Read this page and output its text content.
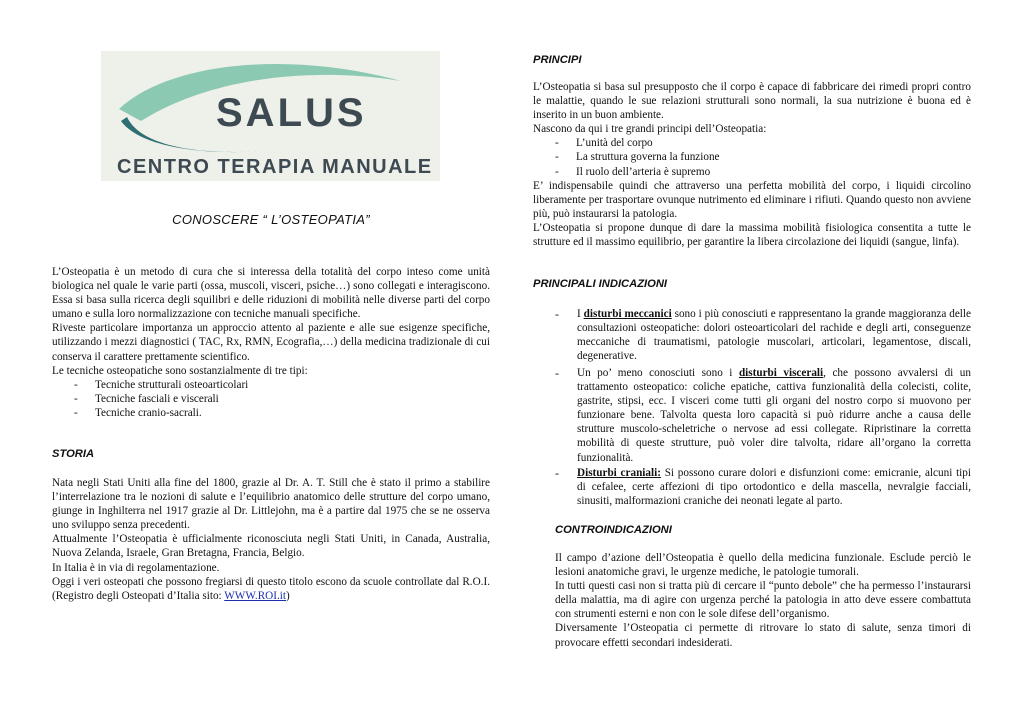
SALUS
CENTRO TERAPIA MANUALE
CONOSCERE “ L’OSTEOPATIA”
L’Osteopatia è un metodo di cura che si interessa della totalità del corpo inteso come unità biologica nel quale le varie parti (ossa, muscoli, visceri, psiche…) sono collegati e interagiscono. Essa si basa sulla ricerca degli squilibri e delle riduzioni di mobilità nelle diverse parti del corpo umano e sulla loro normalizzazione con tecniche manuali specifiche.
Riveste particolare importanza un approccio attento al paziente e alle sue esigenze specifiche, utilizzando i mezzi diagnostici ( TAC, Rx, RMN, Ecografia,…) della medicina tradizionale di cui conserva il carattere prettamente scientifico.
Le tecniche osteopatiche sono sostanzialmente di tre tipi:
- Tecniche strutturali osteoarticolari
- Tecniche fasciali e viscerali
- Tecniche cranio-sacrali.
STORIA
Nata negli Stati Uniti alla fine del 1800, grazie al Dr. A. T. Still che è stato il primo a stabilire l’interrelazione tra le nozioni di salute e l’equilibrio anatomico delle strutture del corpo umano, giunge in Inghilterra nel 1917 grazie al Dr. Littlejohn, ma è a partire dal 1975 che se ne osserva uno sviluppo senza precedenti.
Attualmente l’Osteopatia è ufficialmente riconosciuta negli Stati Uniti, in Canada, Australia, Nuova Zelanda, Israele, Gran Bretagna, Francia, Belgio.
In Italia è in via di regolamentazione.
Oggi i veri osteopati che possono fregiarsi di questo titolo escono da scuole controllate dal R.O.I. (Registro degli Osteopati d’Italia sito: WWW.ROI.it)
PRINCIPI
L’Osteopatia si basa sul presupposto che il corpo è capace di fabbricare dei rimedi propri contro le malattie, quando le sue relazioni strutturali sono normali, la sua nutrizione è buona ed è inserito in un buon ambiente.
Nascono da qui i tre grandi principi dell’Osteopatia:
- L’unità del corpo
- La struttura governa la funzione
- Il ruolo dell’arteria è supremo
E’ indispensabile quindi che attraverso una perfetta mobilità del corpo, i liquidi circolino liberamente per trasportare ovunque nutrimento ed eliminare i rifiuti. Quando questo non avviene più, può instaurarsi la patologia.
L’Osteopatia si propone dunque di dare la massima mobilità fisiologica consentita a tutte le strutture ed il massimo equilibrio, per garantire la libera circolazione dei liquidi (sangue, linfa).
PRINCIPALI INDICAZIONI
- I disturbi meccanici sono i più conosciuti e rappresentano la grande maggioranza delle consultazioni osteopatiche: dolori osteoarticolari del rachide e degli arti, conseguenze meccaniche di traumatismi, patologie muscolari, articolari, legamentose, discali, degenerative.
- Un po’ meno conosciuti sono i disturbi viscerali, che possono avvalersi di un trattamento osteopatico: coliche epatiche, cattiva funzionalità della colecisti, colite, gastrite, stipsi, ecc. I visceri come tutti gli organi del nostro corpo si muovono per funzionare bene. Talvolta questa loro capacità si può ridurre anche a causa delle strutture muscolo-scheletriche o nervose ad essi collegate. Ripristinare la corretta mobilità di queste strutture, può voler dire talvolta, ridare all’organo la corretta funzionalità.
- Disturbi craniali: Si possono curare dolori e disfunzioni come: emicranie, alcuni tipi di cefalee, certe affezioni di tipo ortodontico e della mascella, nevralgie facciali, sinusiti, malformazioni craniche dei neonati legate al parto.
CONTROINDICAZIONI
Il campo d’azione dell’Osteopatia è quello della medicina funzionale. Esclude perciò le lesioni anatomiche gravi, le urgenze mediche, le patologie tumorali.
In tutti questi casi non si tratta più di cercare il “punto debole” che ha permesso l’instaurarsi della malattia, ma di agire con urgenza perché la patologia in atto deve essere combattuta con strumenti esterni e non con le sole difese dell’organismo.
Diversamente l’Osteopatia ci permette di ritrovare lo stato di salute, senza timori di provocare effetti secondari indesiderati.
